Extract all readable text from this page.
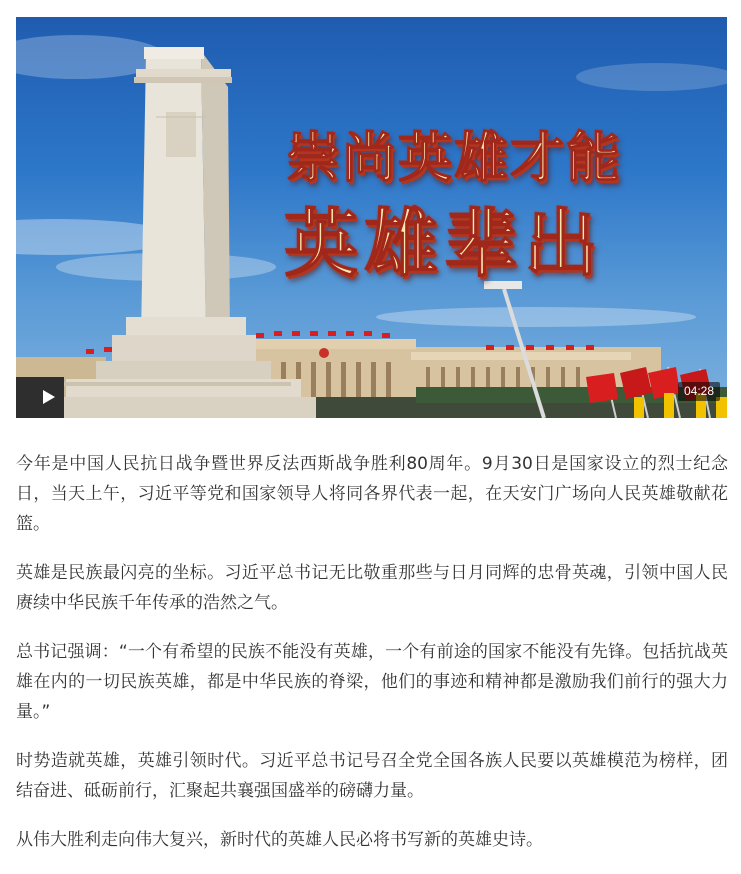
崇尚英雄才能
英雄辈出
04:28

今年是中国人民抗日战争暨世界反法西斯战争胜利80周年。9月30日是国家设立的烈士纪念日，当天上午，习近平等党和国家领导人将同各界代表一起，在天安门广场向人民英雄敬献花篮。

英雄是民族最闪亮的坐标。习近平总书记无比敬重那些与日月同辉的忠骨英魂，引领中国人民赓续中华民族千年传承的浩然之气。

总书记强调：“一个有希望的民族不能没有英雄，一个有前途的国家不能没有先锋。包括抗战英雄在内的一切民族英雄，都是中华民族的脊梁，他们的事迹和精神都是激励我们前行的强大力量。”

时势造就英雄，英雄引领时代。习近平总书记号召全党全国各族人民要以英雄模范为榜样，团结奋进、砥砺前行，汇聚起共襄强国盛举的磅礴力量。

从伟大胜利走向伟大复兴，新时代的英雄人民必将书写新的英雄史诗。
